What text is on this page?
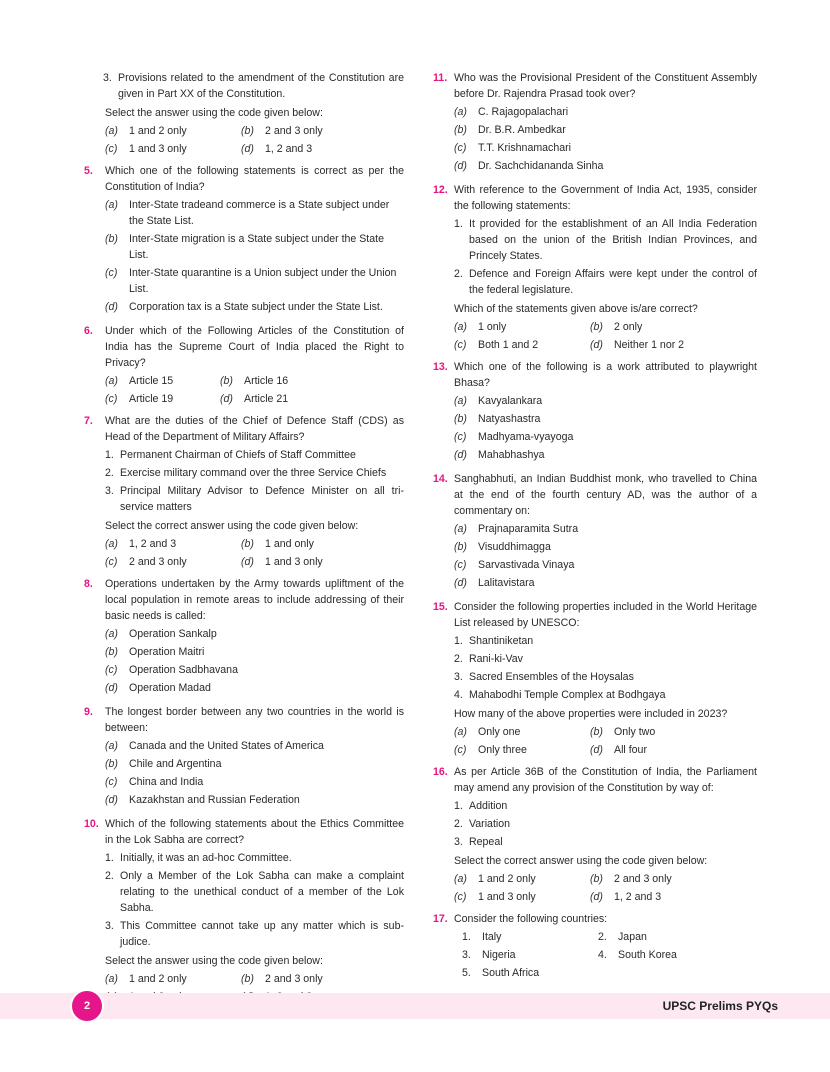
3. Provisions related to the amendment of the Constitution are given in Part XX of the Constitution.
Select the answer using the code given below:
(a)	1 and 2 only	(b)	2 and 3 only
(c)	1 and 3 only	(d)	1, 2 and 3
5.	Which one of the following statements is correct as per the Constitution of India?
(a)	Inter-State tradeand commerce is a State subject under the State List.
(b)	Inter-State migration is a State subject under the State List.
(c)	Inter-State quarantine is a Union subject under the Union List.
(d)	Corporation tax is a State subject under the State List.
6.	Under which of the Following Articles of the Constitution of India has the Supreme Court of India placed the Right to Privacy?
(a)	Article 15	(b)	Article 16
(c)	Article 19	(d)	Article 21
7.	What are the duties of the Chief of Defence Staff (CDS) as Head of the Department of Military Affairs?
1. Permanent Chairman of Chiefs of Staff Committee
2. Exercise military command over the three Service Chiefs
3. Principal Military Advisor to Defence Minister on all tri-service matters
Select the correct answer using the code given below:
(a)	1, 2 and 3	(b)	1 and only
(c)	2 and 3 only	(d)	1 and 3 only
8.	Operations undertaken by the Army towards upliftment of the local population in remote areas to include addressing of their basic needs is called:
(a)	Operation Sankalp
(b)	Operation Maitri
(c)	Operation Sadbhavana
(d)	Operation Madad
9.	The longest border between any two countries in the world is between:
(a)	Canada and the United States of America
(b)	Chile and Argentina
(c)	China and India
(d)	Kazakhstan and Russian Federation
10. Which of the following statements about the Ethics Committee in the Lok Sabha are correct?
1. Initially, it was an ad-hoc Committee.
2. Only a Member of the Lok Sabha can make a complaint relating to the unethical conduct of a member of the Lok Sabha.
3. This Committee cannot take up any matter which is sub-judice.
Select the answer using the code given below:
(a)	1 and 2 only	(b)	2 and 3 only
11. Who was the Provisional President of the Constituent Assembly before Dr. Rajendra Prasad took over?
(a)	C. Rajagopalachari
(b)	Dr. B.R. Ambedkar
(c)	T.T. Krishnamachari
(d)	Dr. Sachchidananda Sinha
12. With reference to the Government of India Act, 1935, consider the following statements:
1. It provided for the establishment of an All India Federation based on the union of the British Indian Provinces, and Princely States.
2. Defence and Foreign Affairs were kept under the control of the federal legislature.
Which of the statements given above is/are correct?
(a)	1 only	(b)	2 only
(c)	Both 1 and 2	(d)	Neither 1 nor 2
13. Which one of the following is a work attributed to playwright Bhasa?
(a)	Kavyalankara
(b)	Natyashastra
(c)	Madhyama-vyayoga
(d)	Mahabhashya
14. Sanghabhuti, an Indian Buddhist monk, who travelled to China at the end of the fourth century AD, was the author of a commentary on:
(a)	Prajnaparamita Sutra
(b)	Visuddhimagga
(c)	Sarvastivada Vinaya
(d)	Lalitavistara
15. Consider the following properties included in the World Heritage List released by UNESCO:
1. Shantiniketan
2. Rani-ki-Vav
3. Sacred Ensembles of the Hoysalas
4. Mahabodhi Temple Complex at Bodhgaya
How many of the above properties were included in 2023?
(a)	Only one	(b)	Only two
(c)	Only three	(d)	All four
16. As per Article 36B of the Constitution of India, the Parliament may amend any provision of the Constitution by way of:
1. Addition
2. Variation
3. Repeal
Select the correct answer using the code given below:
(a)	1 and 2 only	(b)	2 and 3 only
(c)	1 and 3 only	(d)	1, 2 and 3
17. Consider the following countries:
1.	Italy	2.	Japan
3.	Nigeria	4.	South Korea
5.	South Africa
2	UPSC Prelims PYQs
